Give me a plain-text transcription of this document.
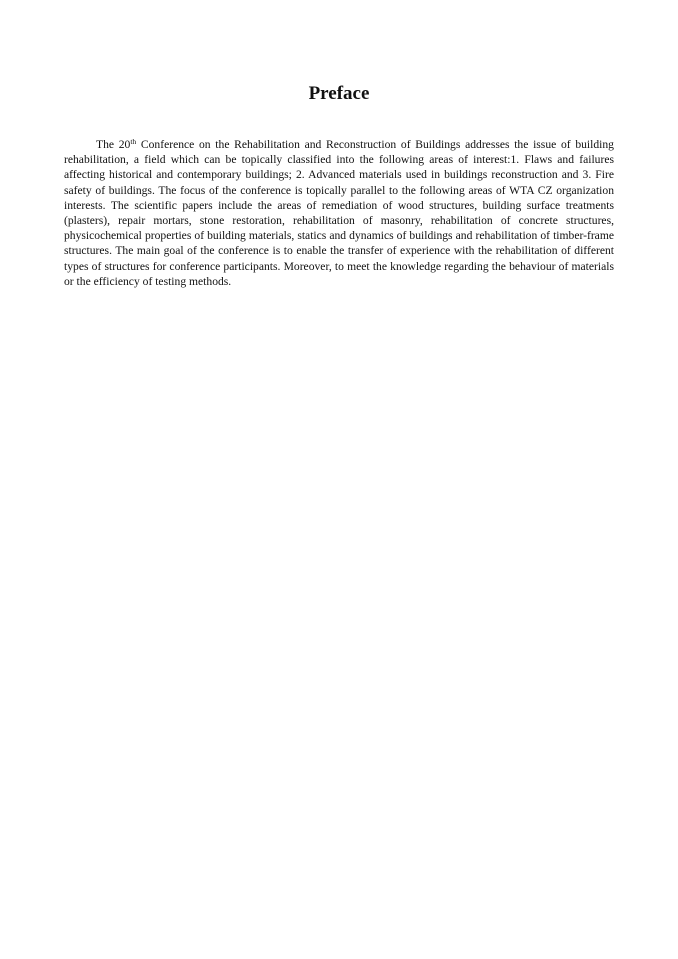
Preface

The 20th Conference on the Rehabilitation and Reconstruction of Buildings addresses the issue of building rehabilitation, a field which can be topically classified into the following areas of interest:1. Flaws and failures affecting historical and contemporary buildings; 2. Advanced materials used in buildings reconstruction and 3. Fire safety of buildings. The focus of the conference is topically parallel to the following areas of WTA CZ organization interests. The scientific papers include the areas of remediation of wood structures, building surface treatments (plasters), repair mortars, stone restoration, rehabilitation of masonry, rehabilitation of concrete structures, physicochemical properties of building materials, statics and dynamics of buildings and rehabilitation of timber-frame structures. The main goal of the conference is to enable the transfer of experience with the rehabilitation of different types of structures for conference participants. Moreover, to meet the knowledge regarding the behaviour of materials or the efficiency of testing methods.
